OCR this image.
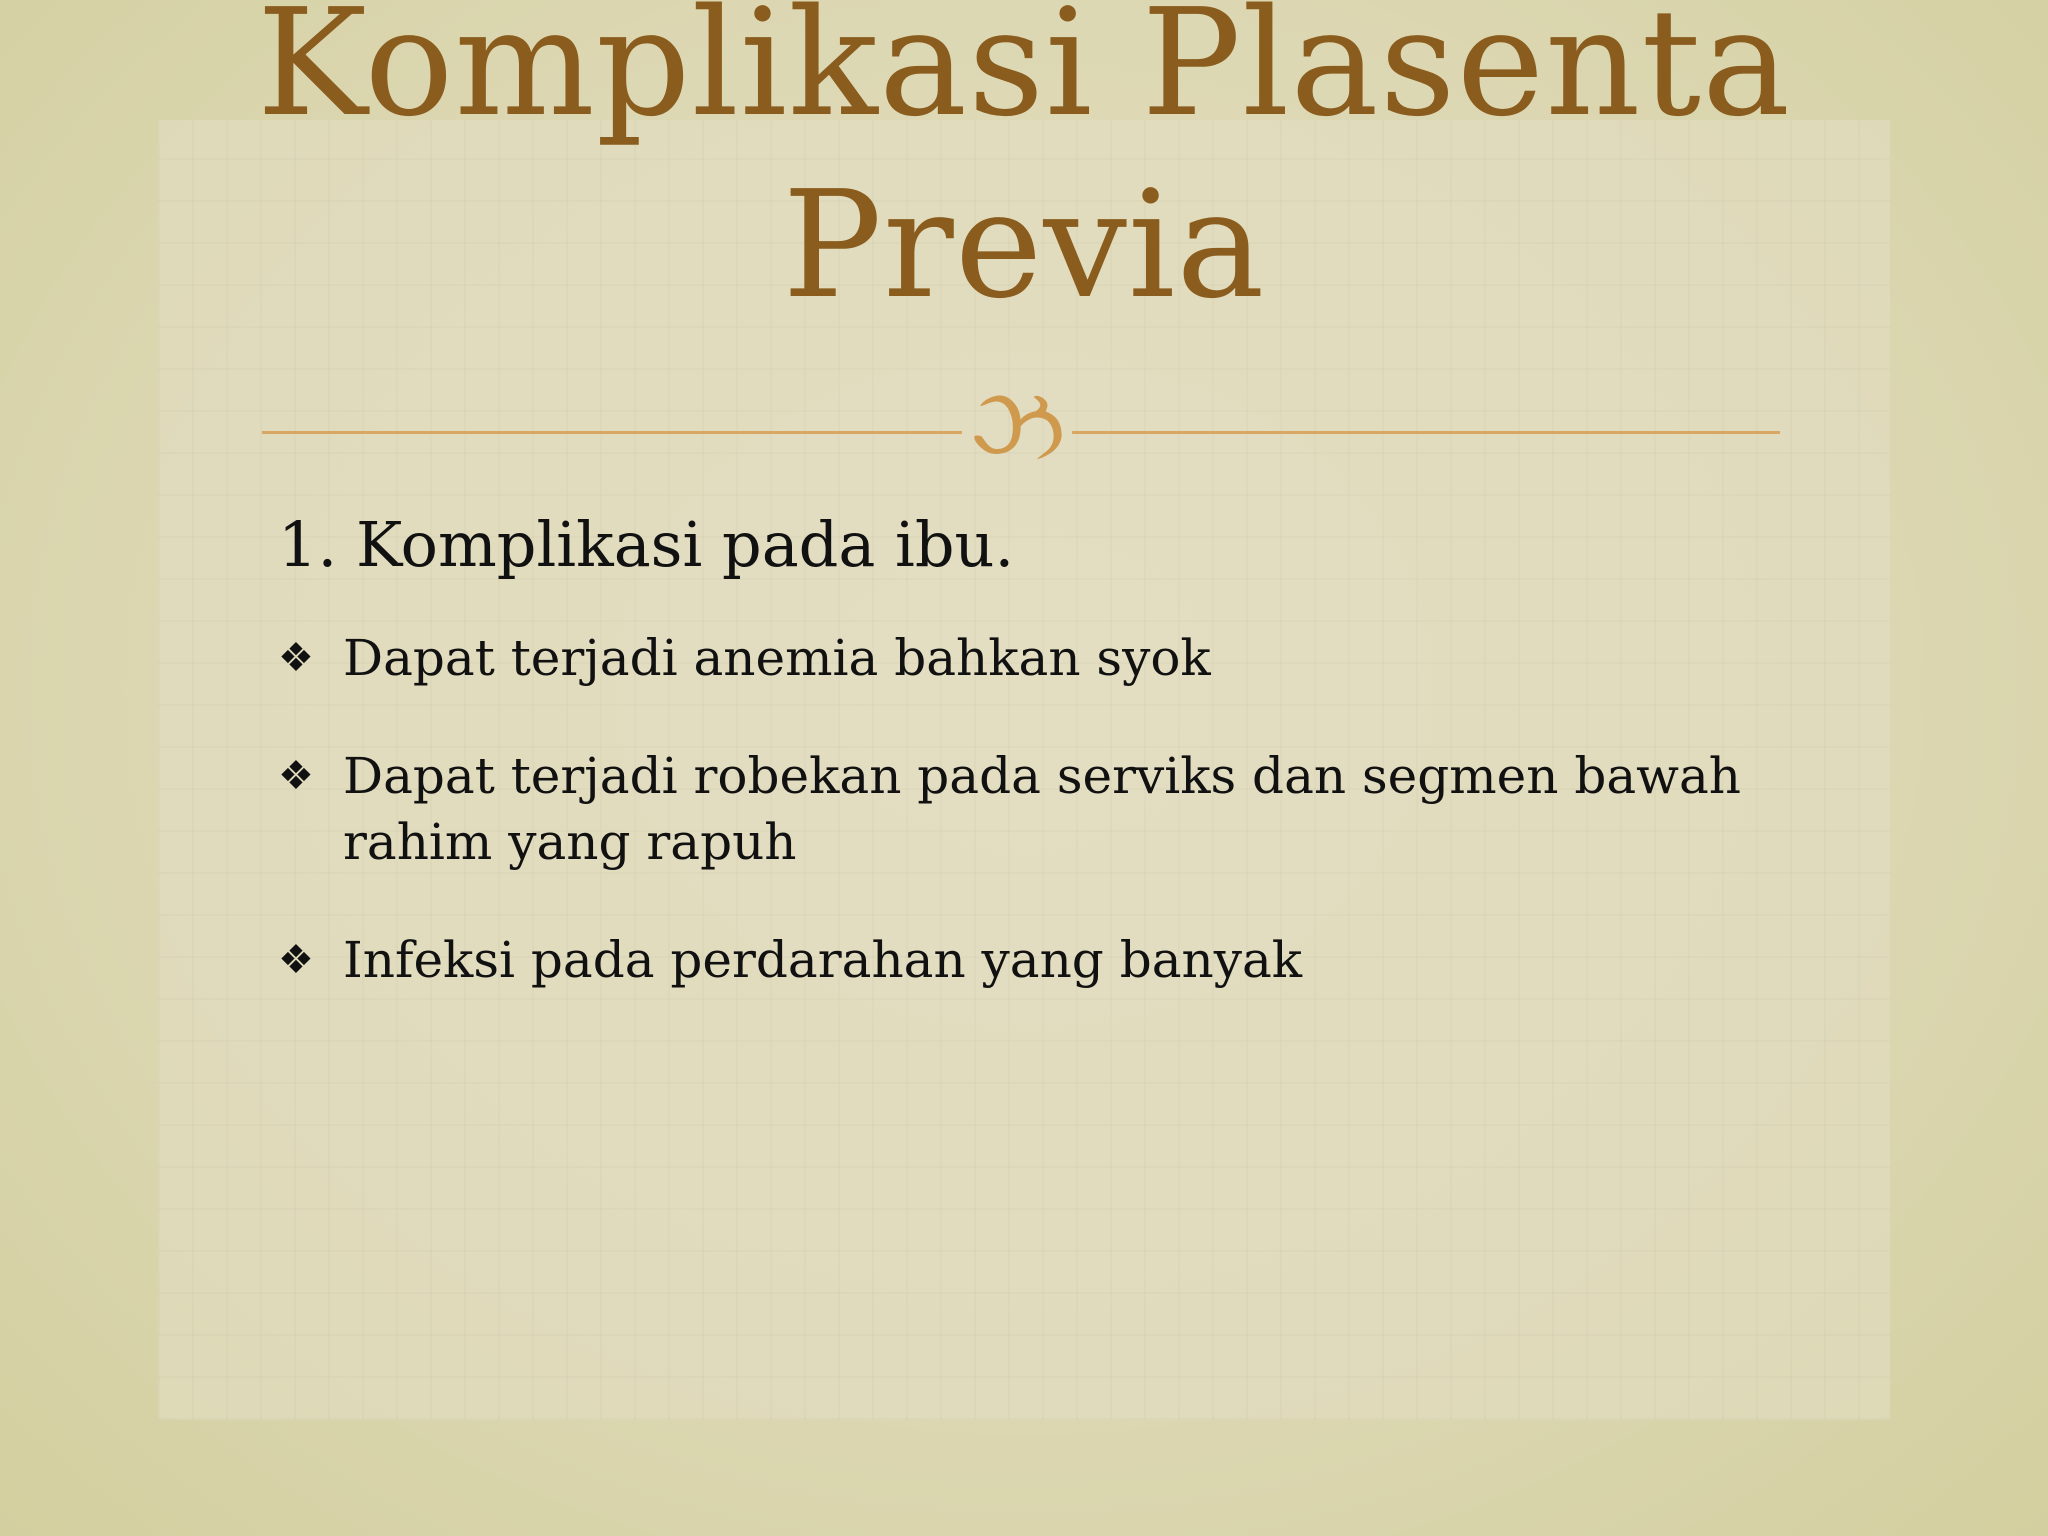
Komplikasi Plasenta Previa
ઝ
1. Komplikasi pada ibu.
❖ Dapat terjadi anemia bahkan syok
❖ Dapat terjadi robekan pada serviks dan segmen bawah rahim yang rapuh
❖ Infeksi pada perdarahan yang banyak
